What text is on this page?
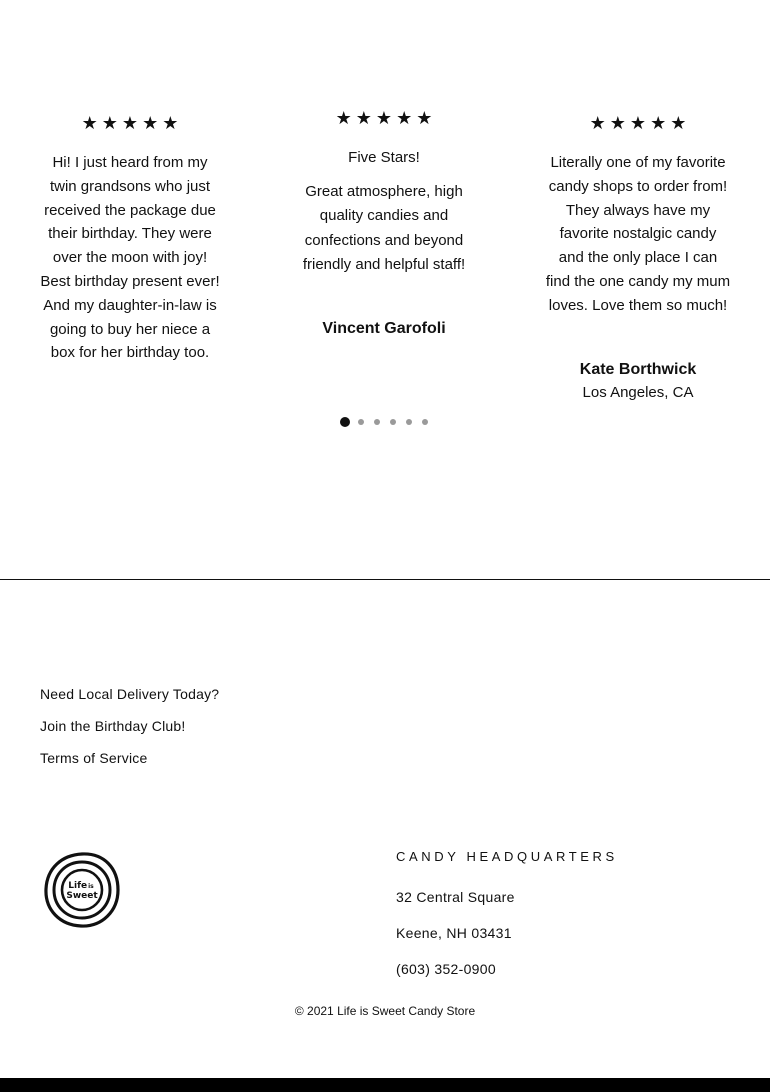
★★★★★
Hi! I just heard from my
twin grandsons who just
received the package due
their birthday. They were
over the moon with joy!
Best birthday present ever!
And my daughter-in-law is
going to buy her niece a
box for her birthday too.
★★★★★
Five Stars!
Great atmosphere, high
quality candies and
confections and beyond
friendly and helpful staff!
Vincent Garofoli
★★★★★
Literally one of my favorite
candy shops to order from!
They always have my
favorite nostalgic candy
and the only place I can
find the one candy my mum
loves. Love them so much!
Kate Borthwick
Los Angeles, CA
Need Local Delivery Today?
Join the Birthday Club!
Terms of Service
Lifeis
Sweet
CANDY HEADQUARTERS
32 Central Square
Keene, NH 03431
(603) 352-0900
© 2021 Life is Sweet Candy Store
